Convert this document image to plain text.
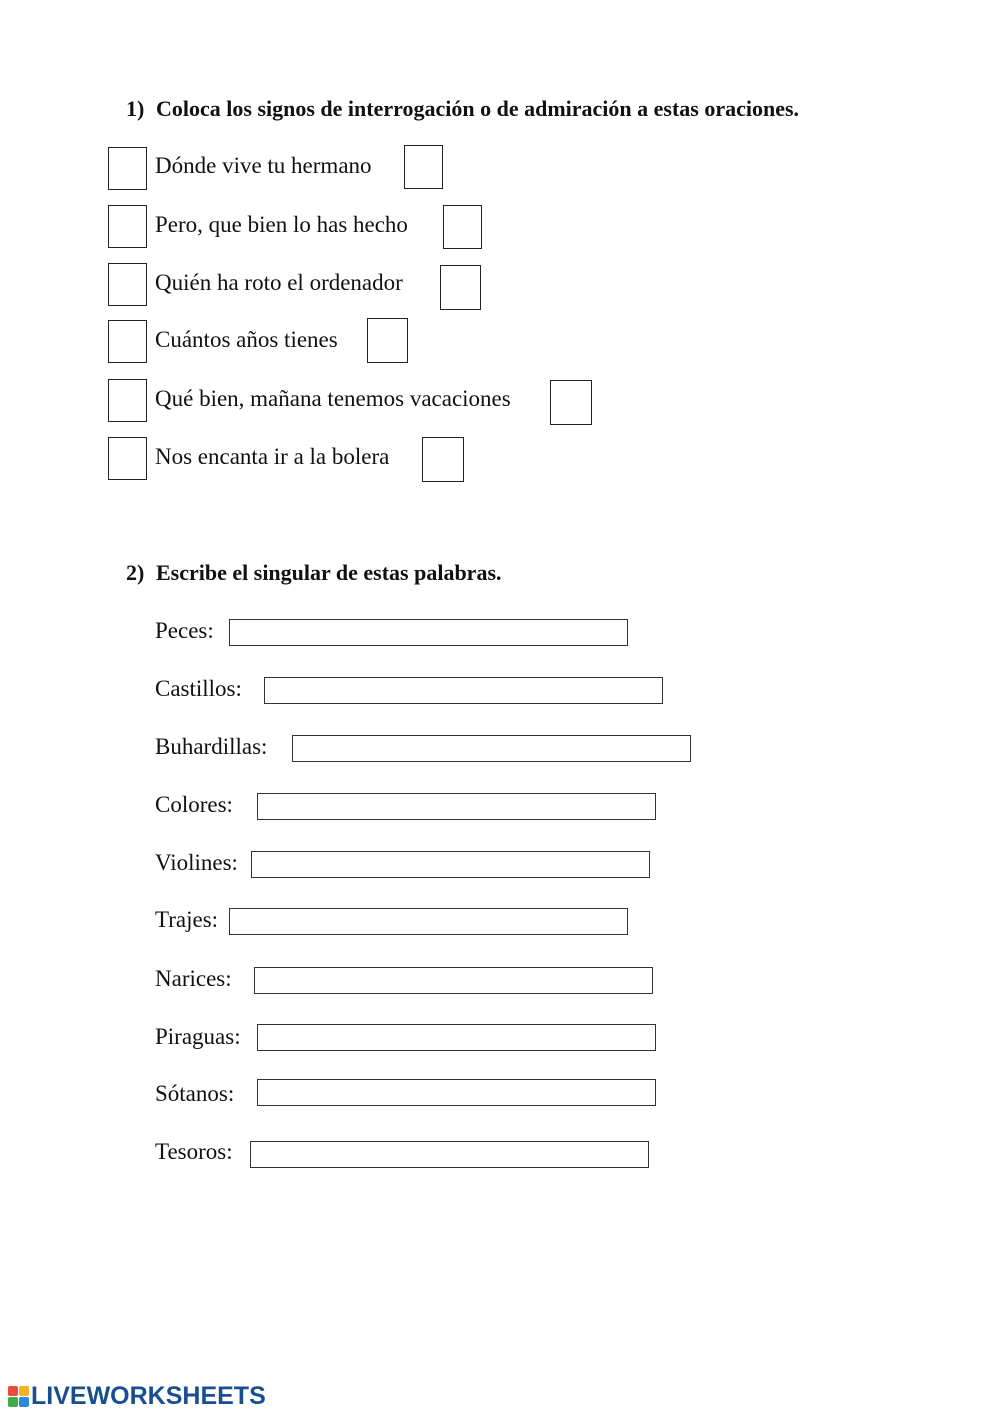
1) Coloca los signos de interrogación o de admiración a estas oraciones.
Dónde vive tu hermano
Pero, que bien lo has hecho
Quién ha roto el ordenador
Cuántos años tienes
Qué bien, mañana tenemos vacaciones
Nos encanta ir a la bolera
2) Escribe el singular de estas palabras.
Peces:
Castillos:
Buhardillas:
Colores:
Violines:
Trajes:
Narices:
Piraguas:
Sótanos:
Tesoros:
LIVEWORKSHEETS
